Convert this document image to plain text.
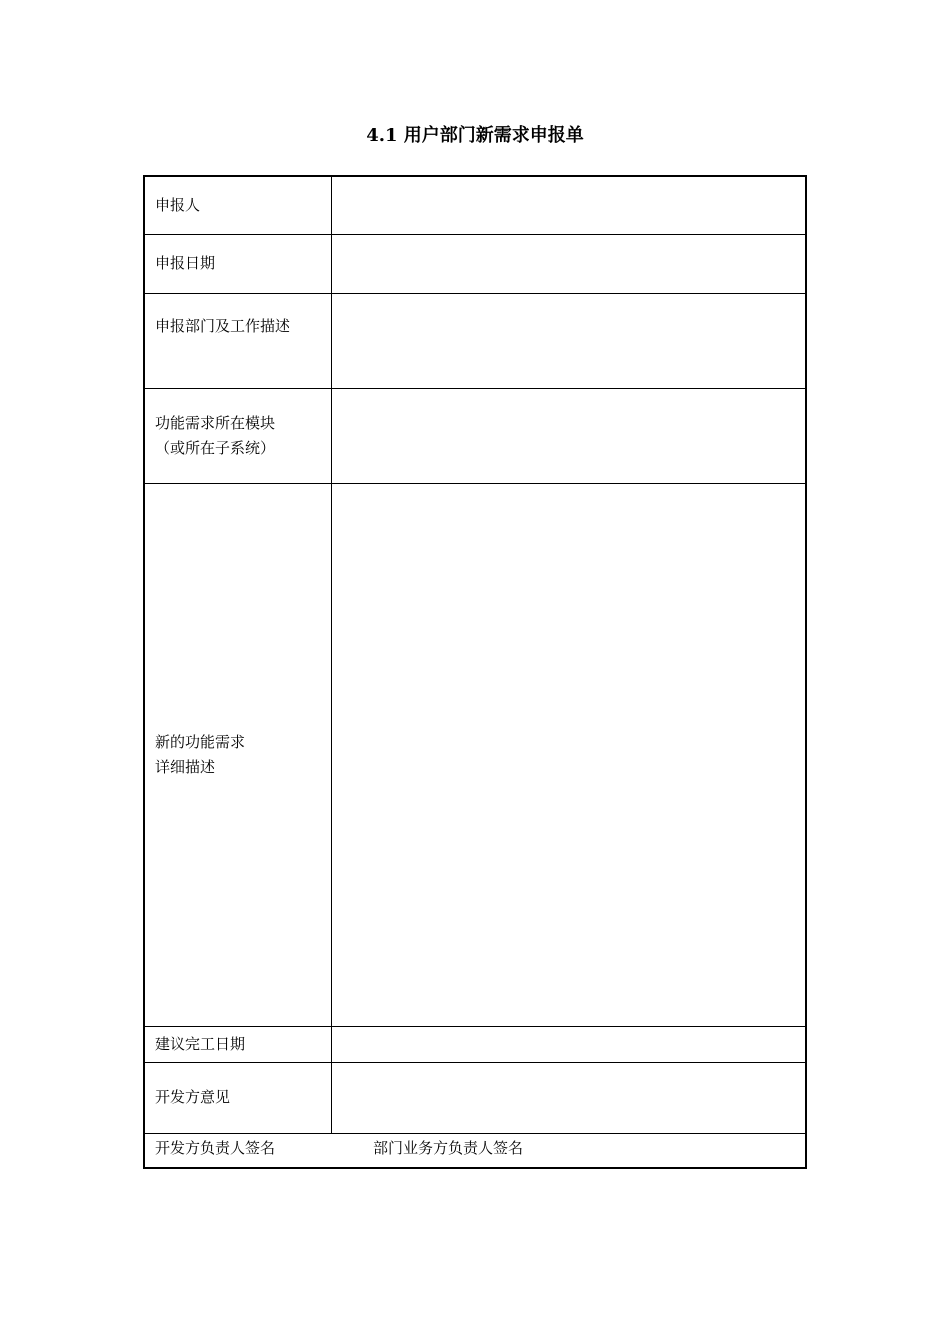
4.1 用户部门新需求申报单
申报人	
申报日期	
申报部门及工作描述	

功能需求所在模块
（或所在子系统）	

新的功能需求
详细描述	

建议完工日期	
开发方意见	
开发方负责人签名 部门业务方负责人签名	
